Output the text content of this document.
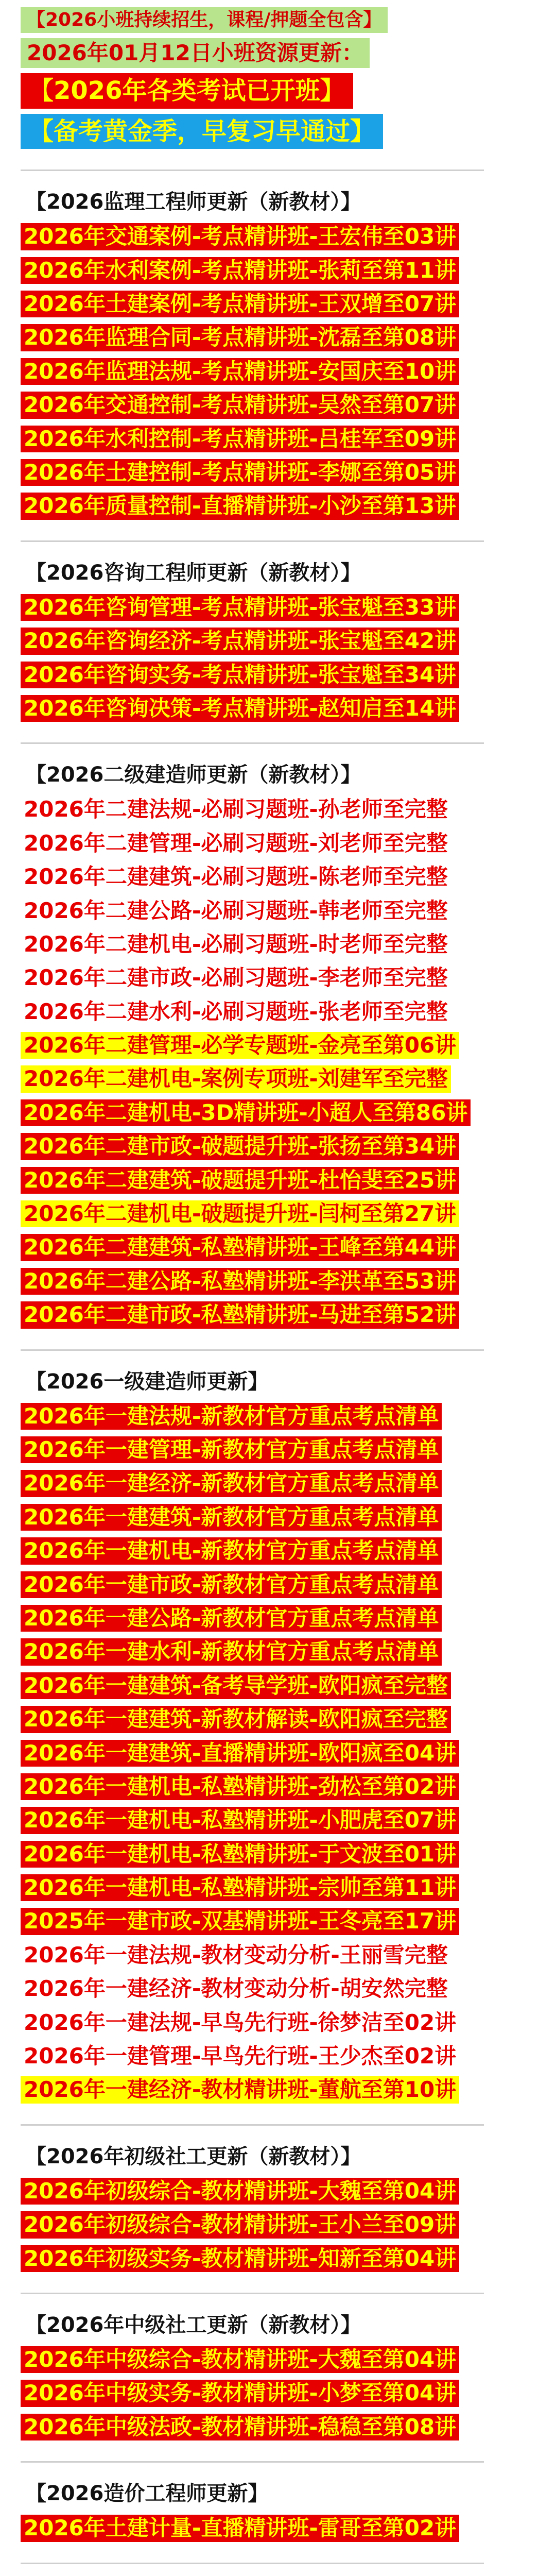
【2026小班持续招生，课程/押题全包含】
2026年01月12日小班资源更新：
【2026年各类考试已开班】
【备考黄金季，早复习早通过】
【2026监理工程师更新（新教材）】
2026年交通案例-考点精讲班-王宏伟至03讲
2026年水利案例-考点精讲班-张莉至第11讲
2026年土建案例-考点精讲班-王双增至07讲
2026年监理合同-考点精讲班-沈磊至第08讲
2026年监理法规-考点精讲班-安国庆至10讲
2026年交通控制-考点精讲班-吴然至第07讲
2026年水利控制-考点精讲班-吕桂军至09讲
2026年土建控制-考点精讲班-李娜至第05讲
2026年质量控制-直播精讲班-小沙至第13讲
【2026咨询工程师更新（新教材）】
2026年咨询管理-考点精讲班-张宝魁至33讲
2026年咨询经济-考点精讲班-张宝魁至42讲
2026年咨询实务-考点精讲班-张宝魁至34讲
2026年咨询决策-考点精讲班-赵知启至14讲
【2026二级建造师更新（新教材）】
2026年二建法规-必刷习题班-孙老师至完整
2026年二建管理-必刷习题班-刘老师至完整
2026年二建建筑-必刷习题班-陈老师至完整
2026年二建公路-必刷习题班-韩老师至完整
2026年二建机电-必刷习题班-时老师至完整
2026年二建市政-必刷习题班-李老师至完整
2026年二建水利-必刷习题班-张老师至完整
2026年二建管理-必学专题班-金亮至第06讲
2026年二建机电-案例专项班-刘建军至完整
2026年二建机电-3D精讲班-小超人至第86讲
2026年二建市政-破题提升班-张扬至第34讲
2026年二建建筑-破题提升班-杜怡斐至25讲
2026年二建机电-破题提升班-闫柯至第27讲
2026年二建建筑-私塾精讲班-王峰至第44讲
2026年二建公路-私塾精讲班-李洪革至53讲
2026年二建市政-私塾精讲班-马进至第52讲
【2026一级建造师更新】
2026年一建法规-新教材官方重点考点清单
2026年一建管理-新教材官方重点考点清单
2026年一建经济-新教材官方重点考点清单
2026年一建建筑-新教材官方重点考点清单
2026年一建机电-新教材官方重点考点清单
2026年一建市政-新教材官方重点考点清单
2026年一建公路-新教材官方重点考点清单
2026年一建水利-新教材官方重点考点清单
2026年一建建筑-备考导学班-欧阳疯至完整
2026年一建建筑-新教材解读-欧阳疯至完整
2026年一建建筑-直播精讲班-欧阳疯至04讲
2026年一建机电-私塾精讲班-劲松至第02讲
2026年一建机电-私塾精讲班-小肥虎至07讲
2026年一建机电-私塾精讲班-于文波至01讲
2026年一建机电-私塾精讲班-宗帅至第11讲
2025年一建市政-双基精讲班-王冬亮至17讲
2026年一建法规-教材变动分析-王丽雪完整
2026年一建经济-教材变动分析-胡安然完整
2026年一建法规-早鸟先行班-徐梦洁至02讲
2026年一建管理-早鸟先行班-王少杰至02讲
2026年一建经济-教材精讲班-董航至第10讲
【2026年初级社工更新（新教材）】
2026年初级综合-教材精讲班-大魏至第04讲
2026年初级综合-教材精讲班-王小兰至09讲
2026年初级实务-教材精讲班-知新至第04讲
【2026年中级社工更新（新教材）】
2026年中级综合-教材精讲班-大魏至第04讲
2026年中级实务-教材精讲班-小梦至第04讲
2026年中级法政-教材精讲班-稳稳至第08讲
【2026造价工程师更新】
2026年土建计量-直播精讲班-雷哥至第02讲
